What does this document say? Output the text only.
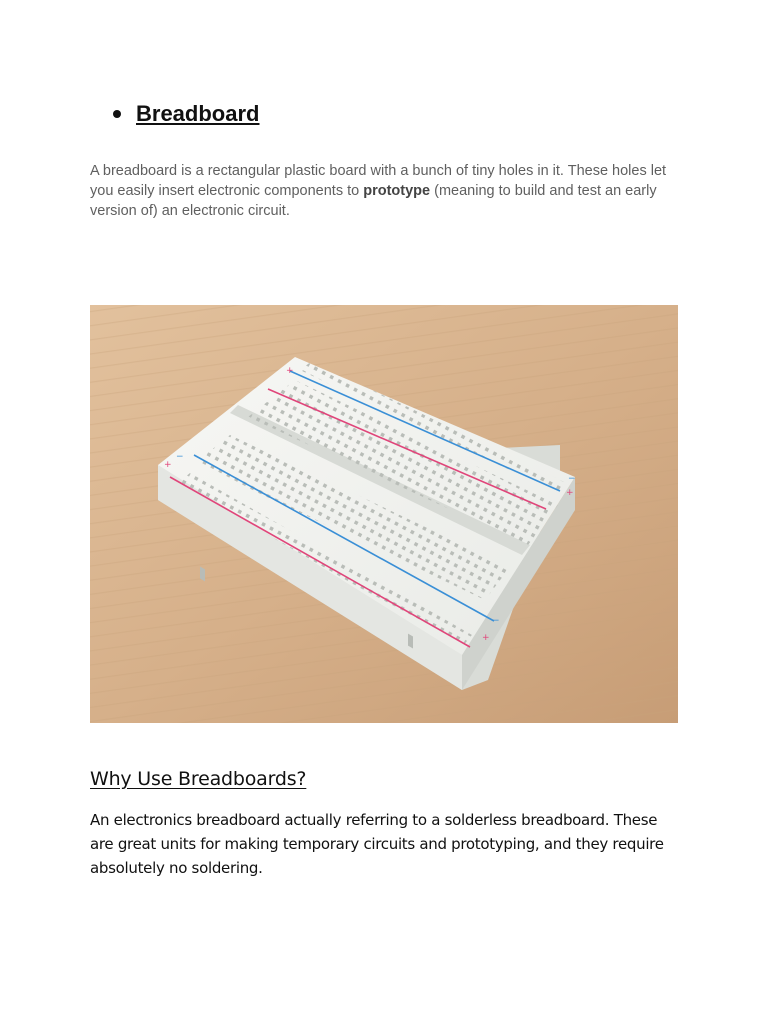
Breadboard

A breadboard is a rectangular plastic board with a bunch of tiny holes in it. These holes let you easily insert electronic components to prototype (meaning to build and test an early version of) an electronic circuit.

+
−
+
−
+
−
+
Why Use Breadboards?

An electronics breadboard actually referring to a solderless breadboard. These are great units for making temporary circuits and prototyping, and they require absolutely no soldering.
